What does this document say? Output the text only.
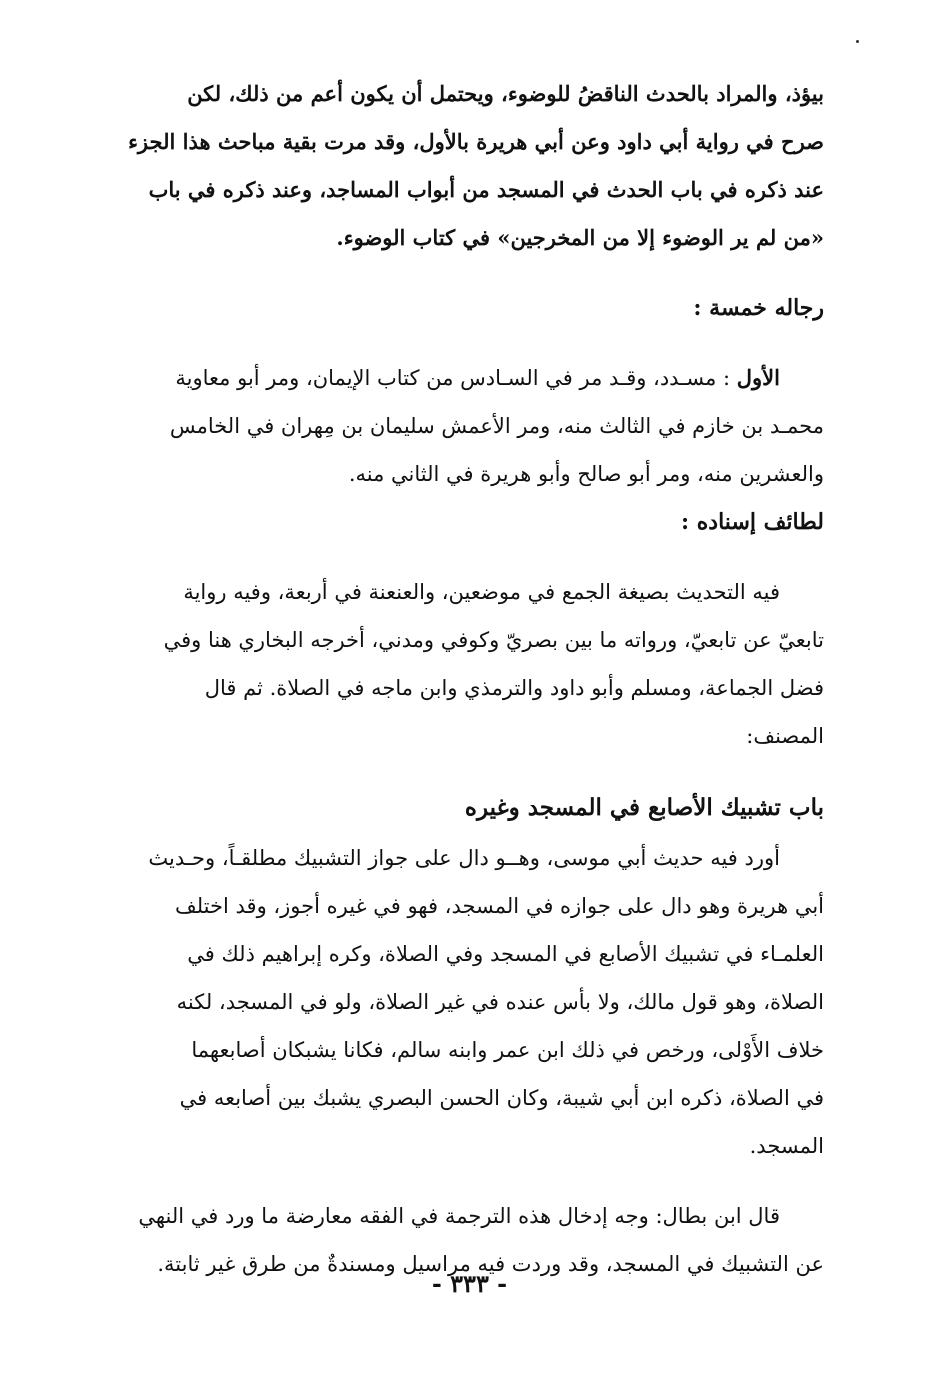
بيؤذ، والمراد بالحدث الناقضُ للوضوء، ويحتمل أن يكون أعم من ذلك، لكن
صرح في رواية أبي داود وعن أبي هريرة بالأول، وقد مرت بقية مباحث هذا الجزء
عند ذكره في باب الحدث في المسجد من أبواب المساجد، وعند ذكره في باب
«من لم ير الوضوء إلا من المخرجين» في كتاب الوضوء.
رجاله خمسة :
الأول : مسـدد، وقـد مر في السـادس من كتاب الإيمان، ومر أبو معاوية
محمـد بن خازم في الثالث منه، ومر الأعمش سليمان بن مِهران في الخامس
والعشرين منه، ومر أبو صالح وأبو هريرة في الثاني منه.
لطائف إسناده :
فيه التحديث بصيغة الجمع في موضعين، والعنعنة في أربعة، وفيه رواية
تابعيّ عن تابعيّ، ورواته ما بين بصريّ وكوفي ومدني، أخرجه البخاري هنا وفي
فضل الجماعة، ومسلم وأبو داود والترمذي وابن ماجه في الصلاة. ثم قال
المصنف:
باب تشبيك الأصابع في المسجد وغيره
أورد فيه حديث أبي موسى، وهــو دال على جواز التشبيك مطلقـاً، وحـديث
أبي هريرة وهو دال على جوازه في المسجد، فهو في غيره أجوز، وقد اختلف
العلمـاء في تشبيك الأصابع في المسجد وفي الصلاة، وكره إبراهيم ذلك في
الصلاة، وهو قول مالك، ولا بأس عنده في غير الصلاة، ولو في المسجد، لكنه
خلاف الأَوْلى، ورخص في ذلك ابن عمر وابنه سالم، فكانا يشبكان أصابعهما
في الصلاة، ذكره ابن أبي شيبة، وكان الحسن البصري يشبك بين أصابعه في
المسجد.
قال ابن بطال: وجه إدخال هذه الترجمة في الفقه معارضة ما ورد في النهي
عن التشبيك في المسجد، وقد وردت فيه مراسيل ومسندةٌ من طرق غير ثابتة.
- ٣٣٣ -
